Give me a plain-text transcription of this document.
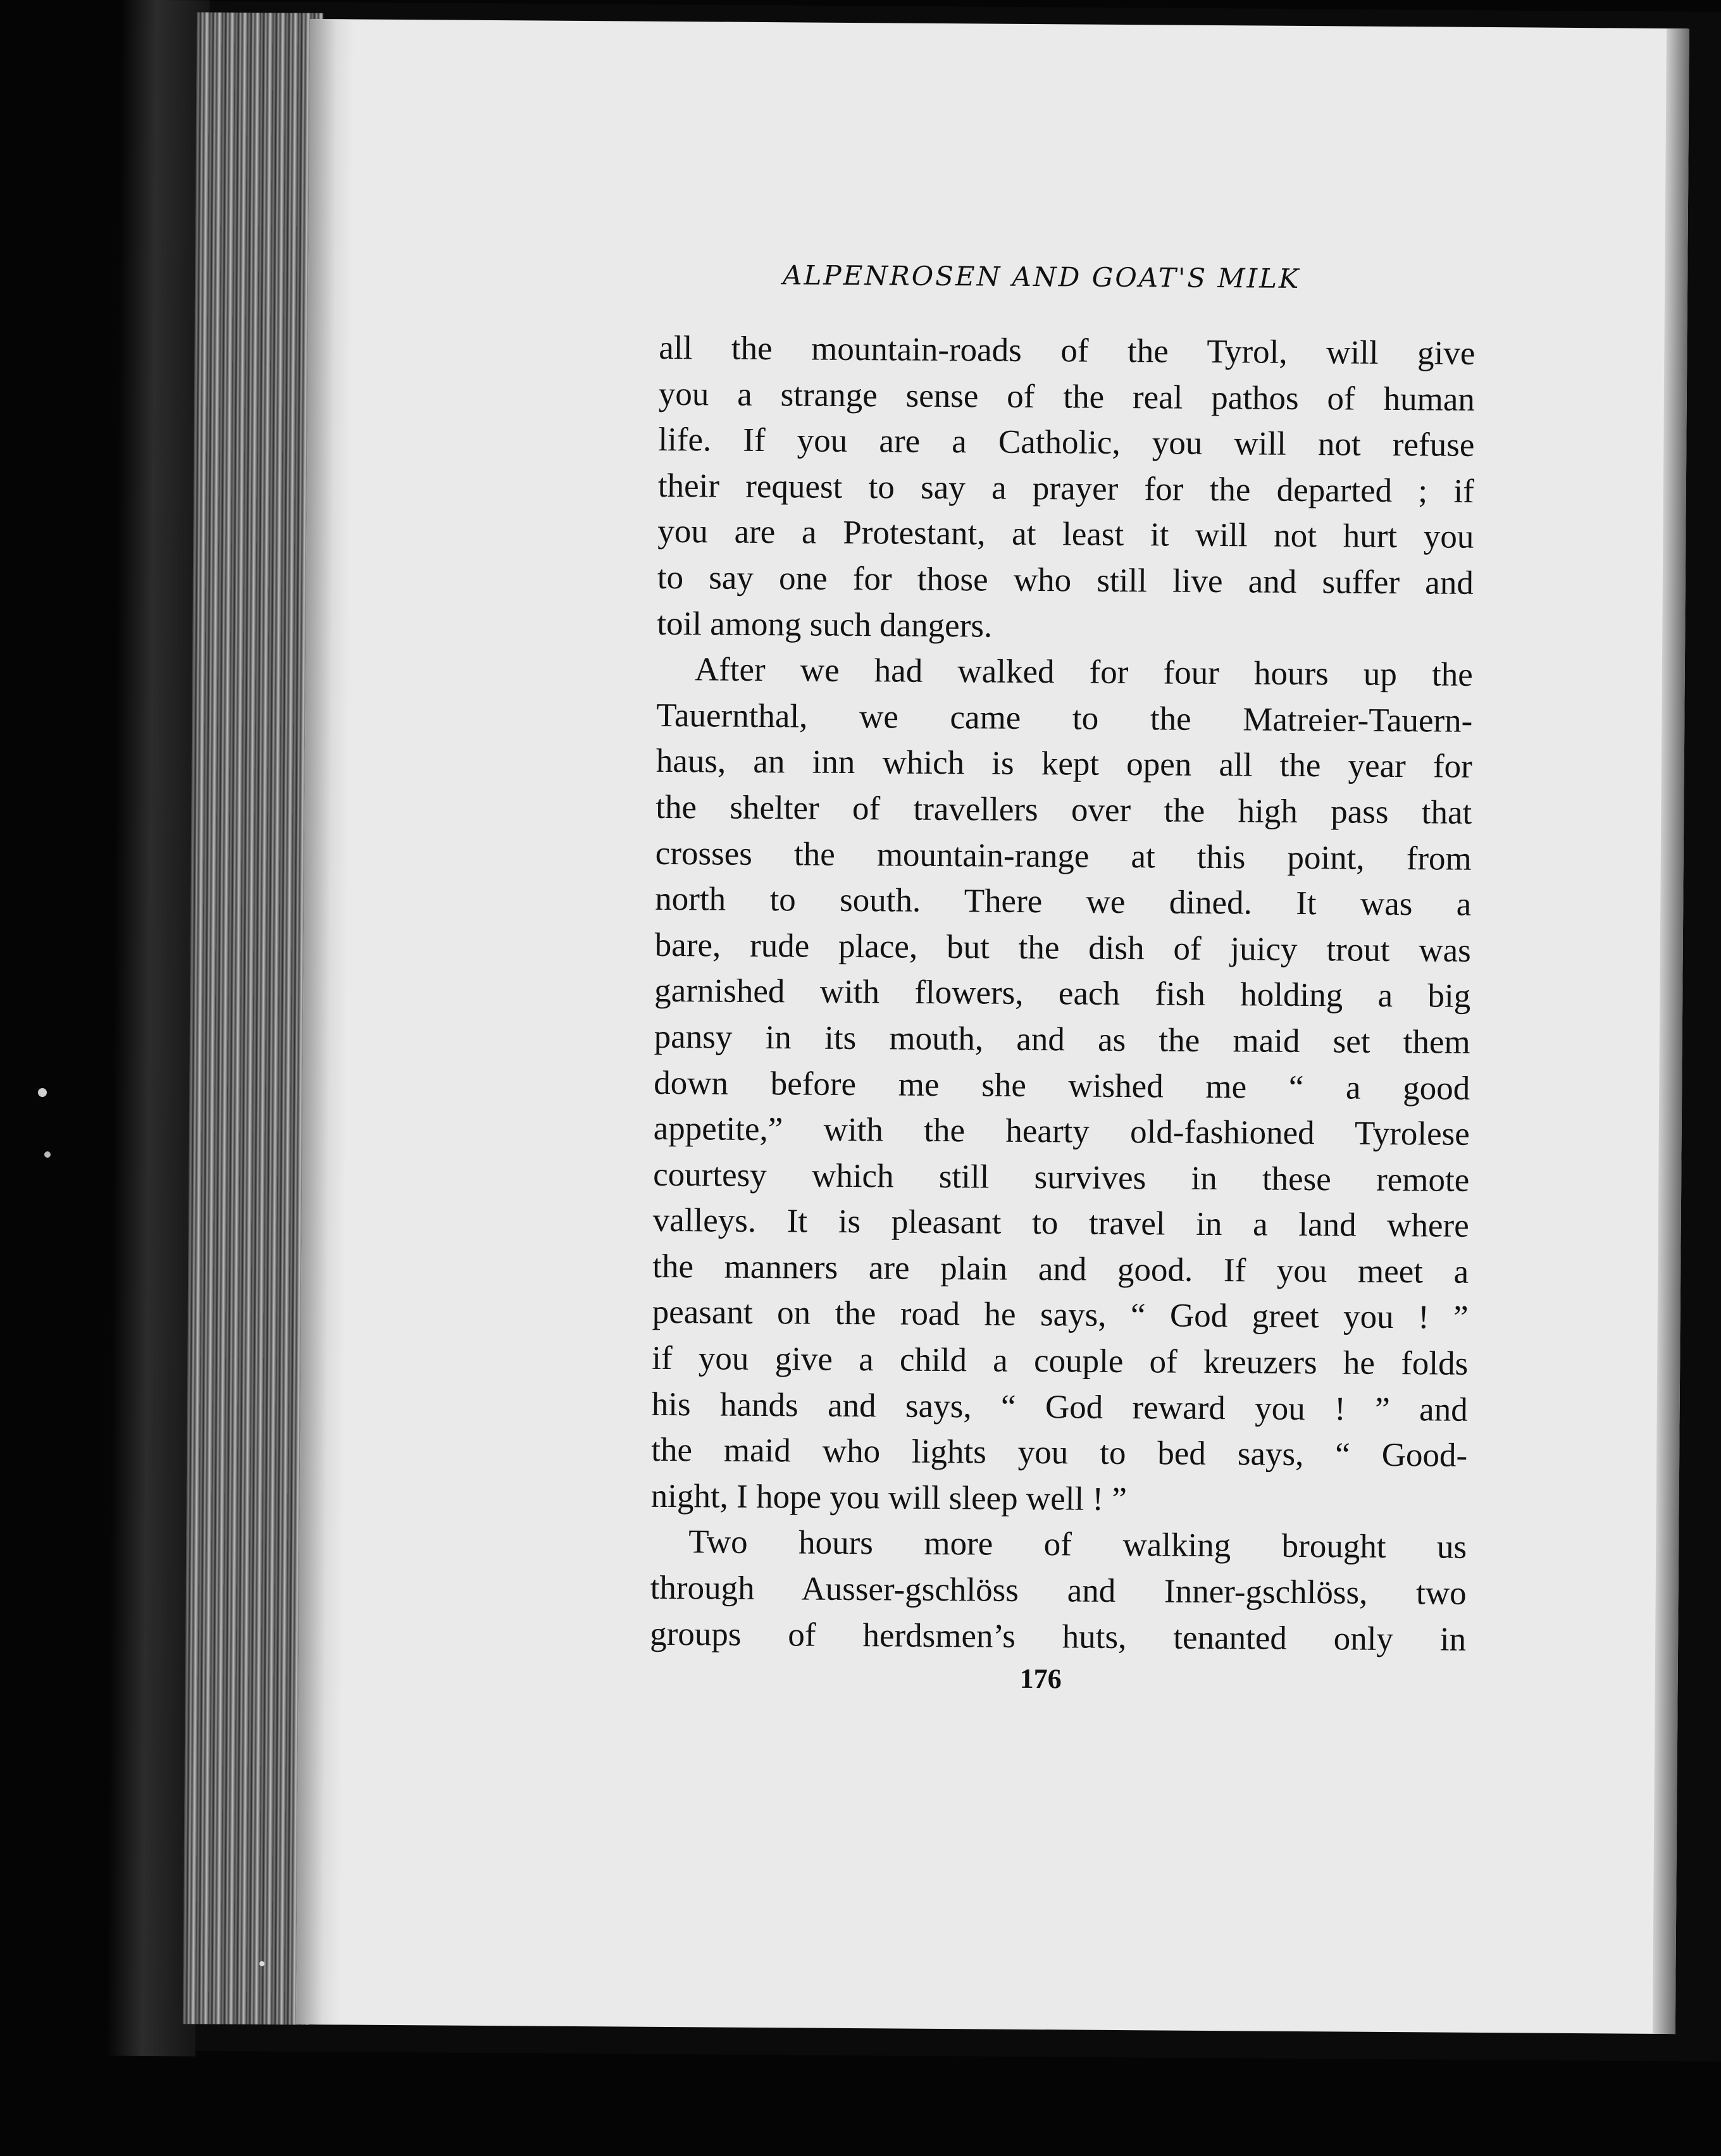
ALPENROSEN AND GOAT'S MILK
all the mountain-roads of the Tyrol, will give
you a strange sense of the real pathos of human
life. If you are a Catholic, you will not refuse
their request to say a prayer for the departed ; if
you are a Protestant, at least it will not hurt you
to say one for those who still live and suffer and
toil among such dangers.
After we had walked for four hours up the
Tauernthal, we came to the Matreier-Tauern-
haus, an inn which is kept open all the year for
the shelter of travellers over the high pass that
crosses the mountain-range at this point, from
north to south. There we dined. It was a
bare, rude place, but the dish of juicy trout was
garnished with flowers, each fish holding a big
pansy in its mouth, and as the maid set them
down before me she wished me “ a good
appetite,” with the hearty old-fashioned Tyrolese
courtesy which still survives in these remote
valleys. It is pleasant to travel in a land where
the manners are plain and good. If you meet a
peasant on the road he says, “ God greet you ! ”
if you give a child a couple of kreuzers he folds
his hands and says, “ God reward you ! ” and
the maid who lights you to bed says, “ Good-
night, I hope you will sleep well ! ”
Two hours more of walking brought us
through Ausser-gschlöss and Inner-gschlöss, two
groups of herdsmen’s huts, tenanted only in
176
